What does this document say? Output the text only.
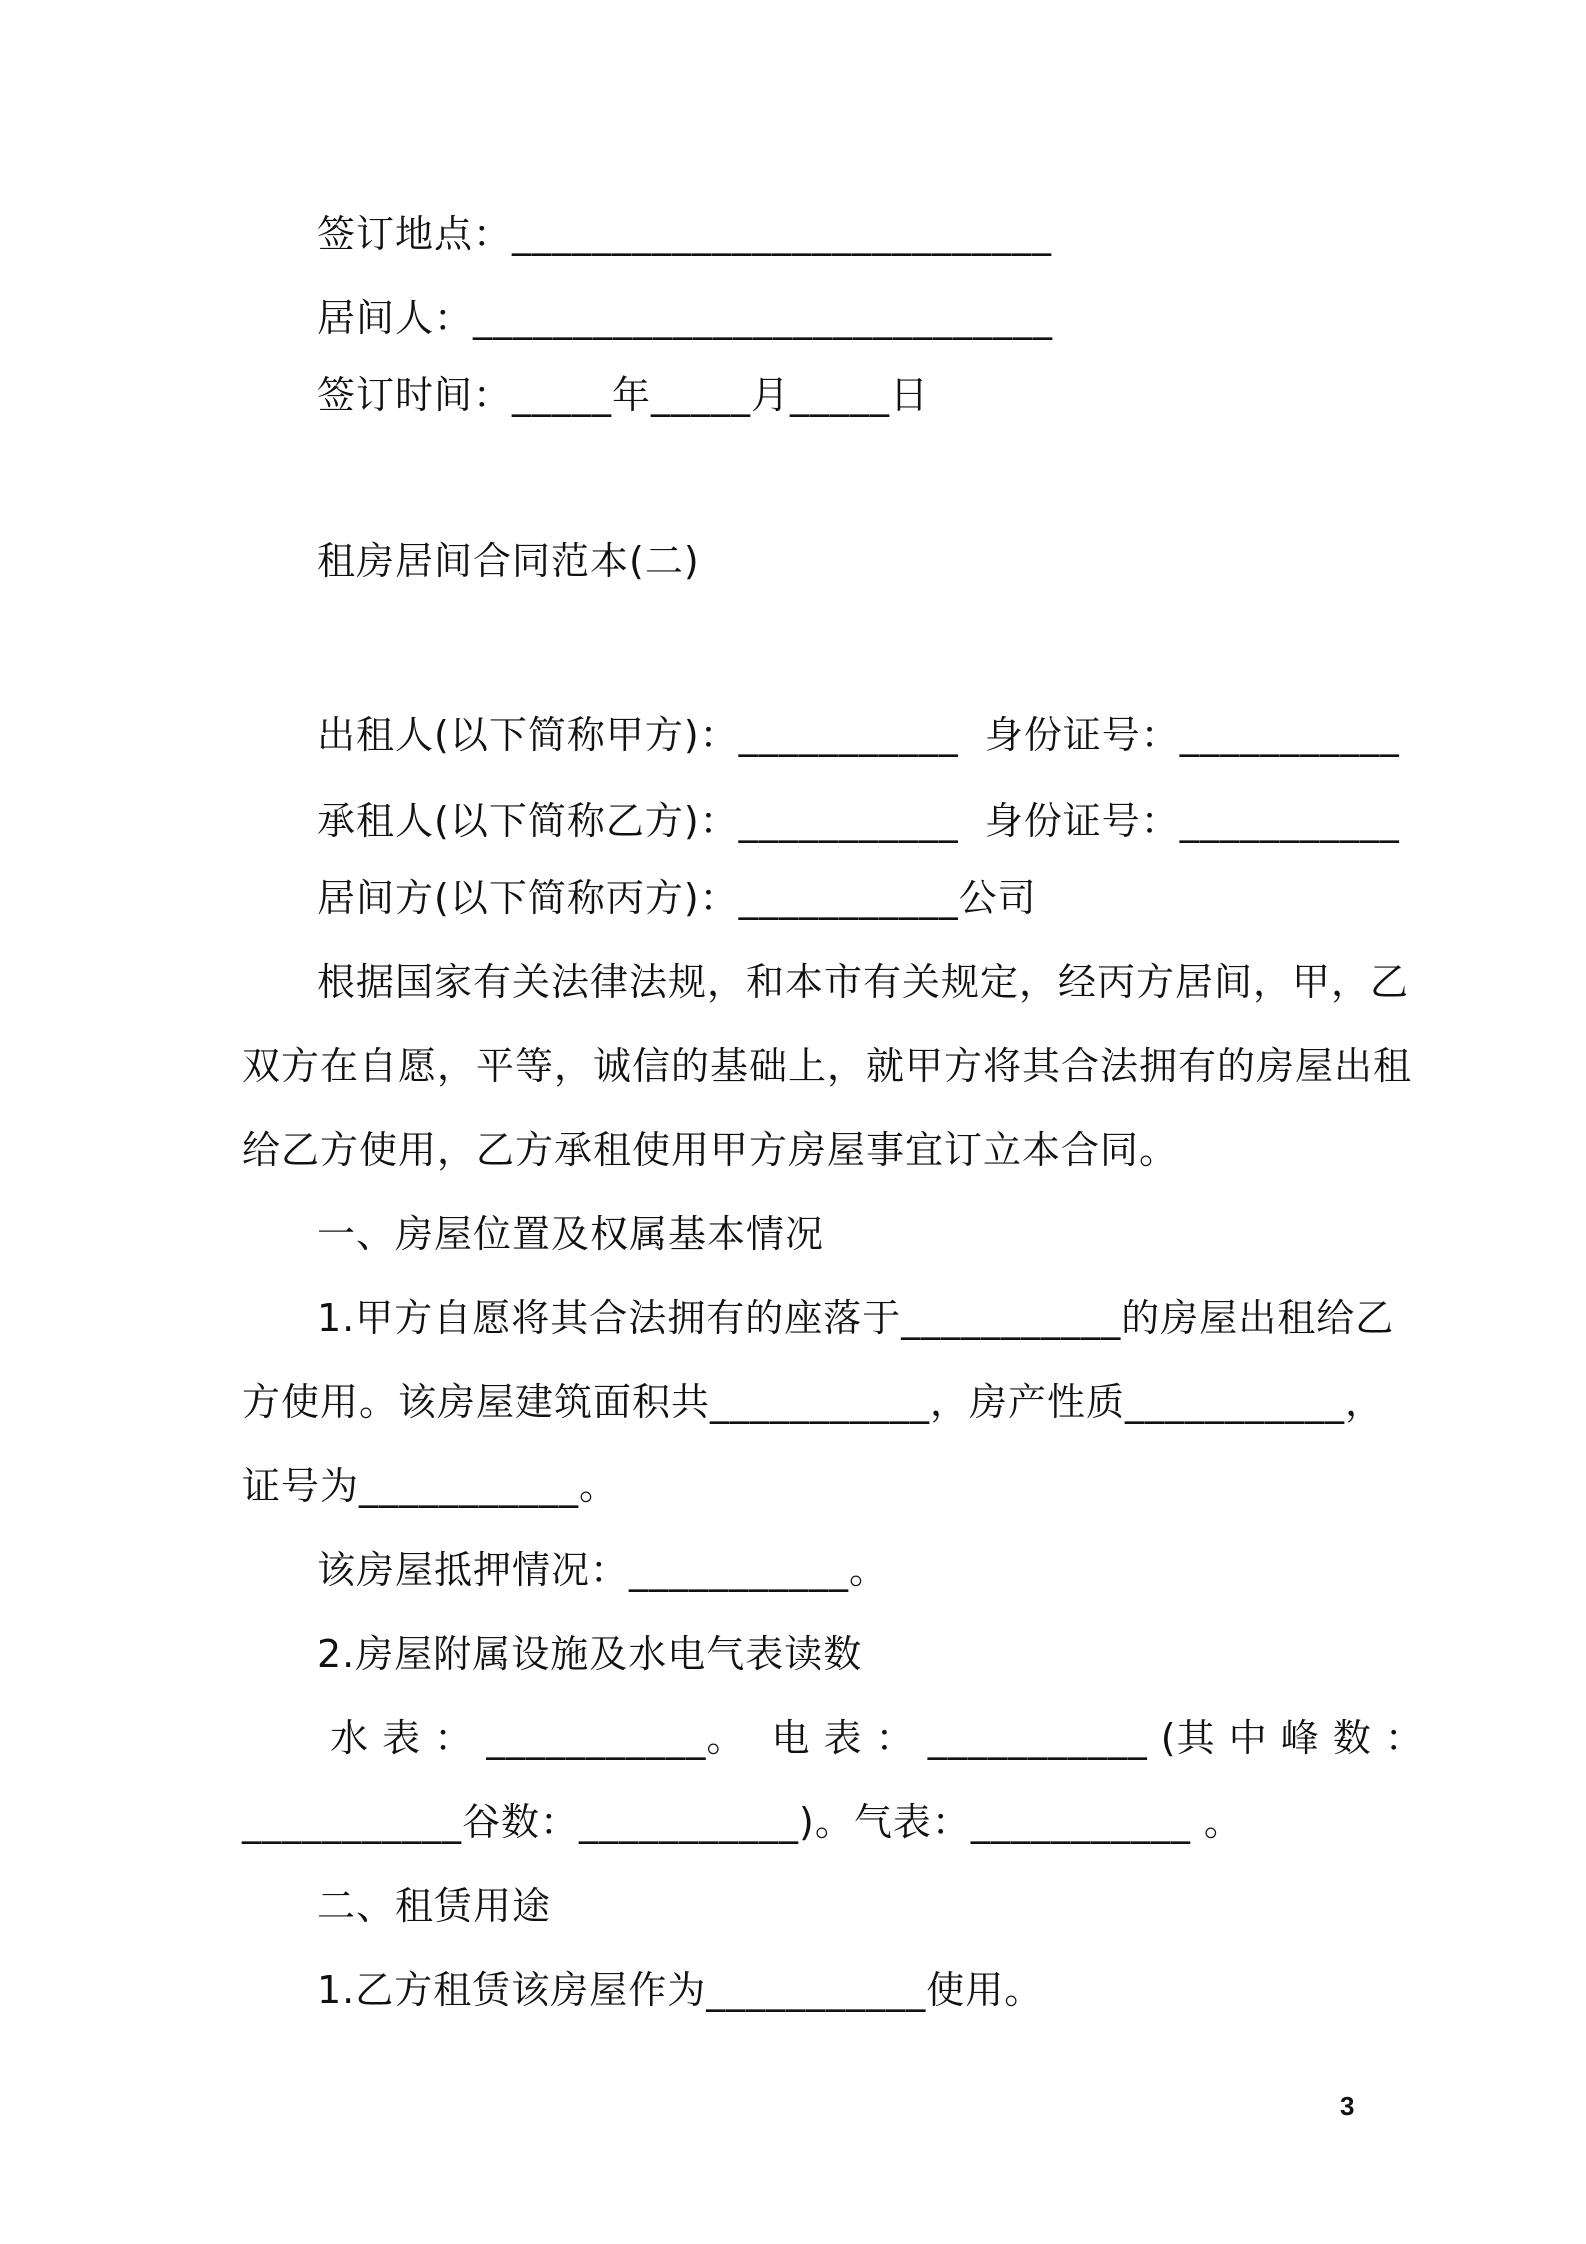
签订地点：___________________________
居间人：_____________________________
签订时间：_____年_____月_____日
租房居间合同范本(二)
出租人(以下简称甲方)：___________  身份证号：___________
承租人(以下简称乙方)：___________  身份证号：___________
居间方(以下简称丙方)：___________公司
根据国家有关法律法规，和本市有关规定，经丙方居间，甲，乙
双方在自愿，平等，诚信的基础上，就甲方将其合法拥有的房屋出租
给乙方使用，乙方承租使用甲方房屋事宜订立本合同。
一、房屋位置及权属基本情况
1.甲方自愿将其合法拥有的座落于___________的房屋出租给乙
方使用。该房屋建筑面积共___________，房产性质___________，
证号为___________。
该房屋抵押情况：___________。
2.房屋附属设施及水电气表读数
水 表 ： ___________。  电 表 ： ___________ (其 中 峰 数 ：
___________谷数：___________)。气表：___________ 。
二、租赁用途
1.乙方租赁该房屋作为___________使用。
3
